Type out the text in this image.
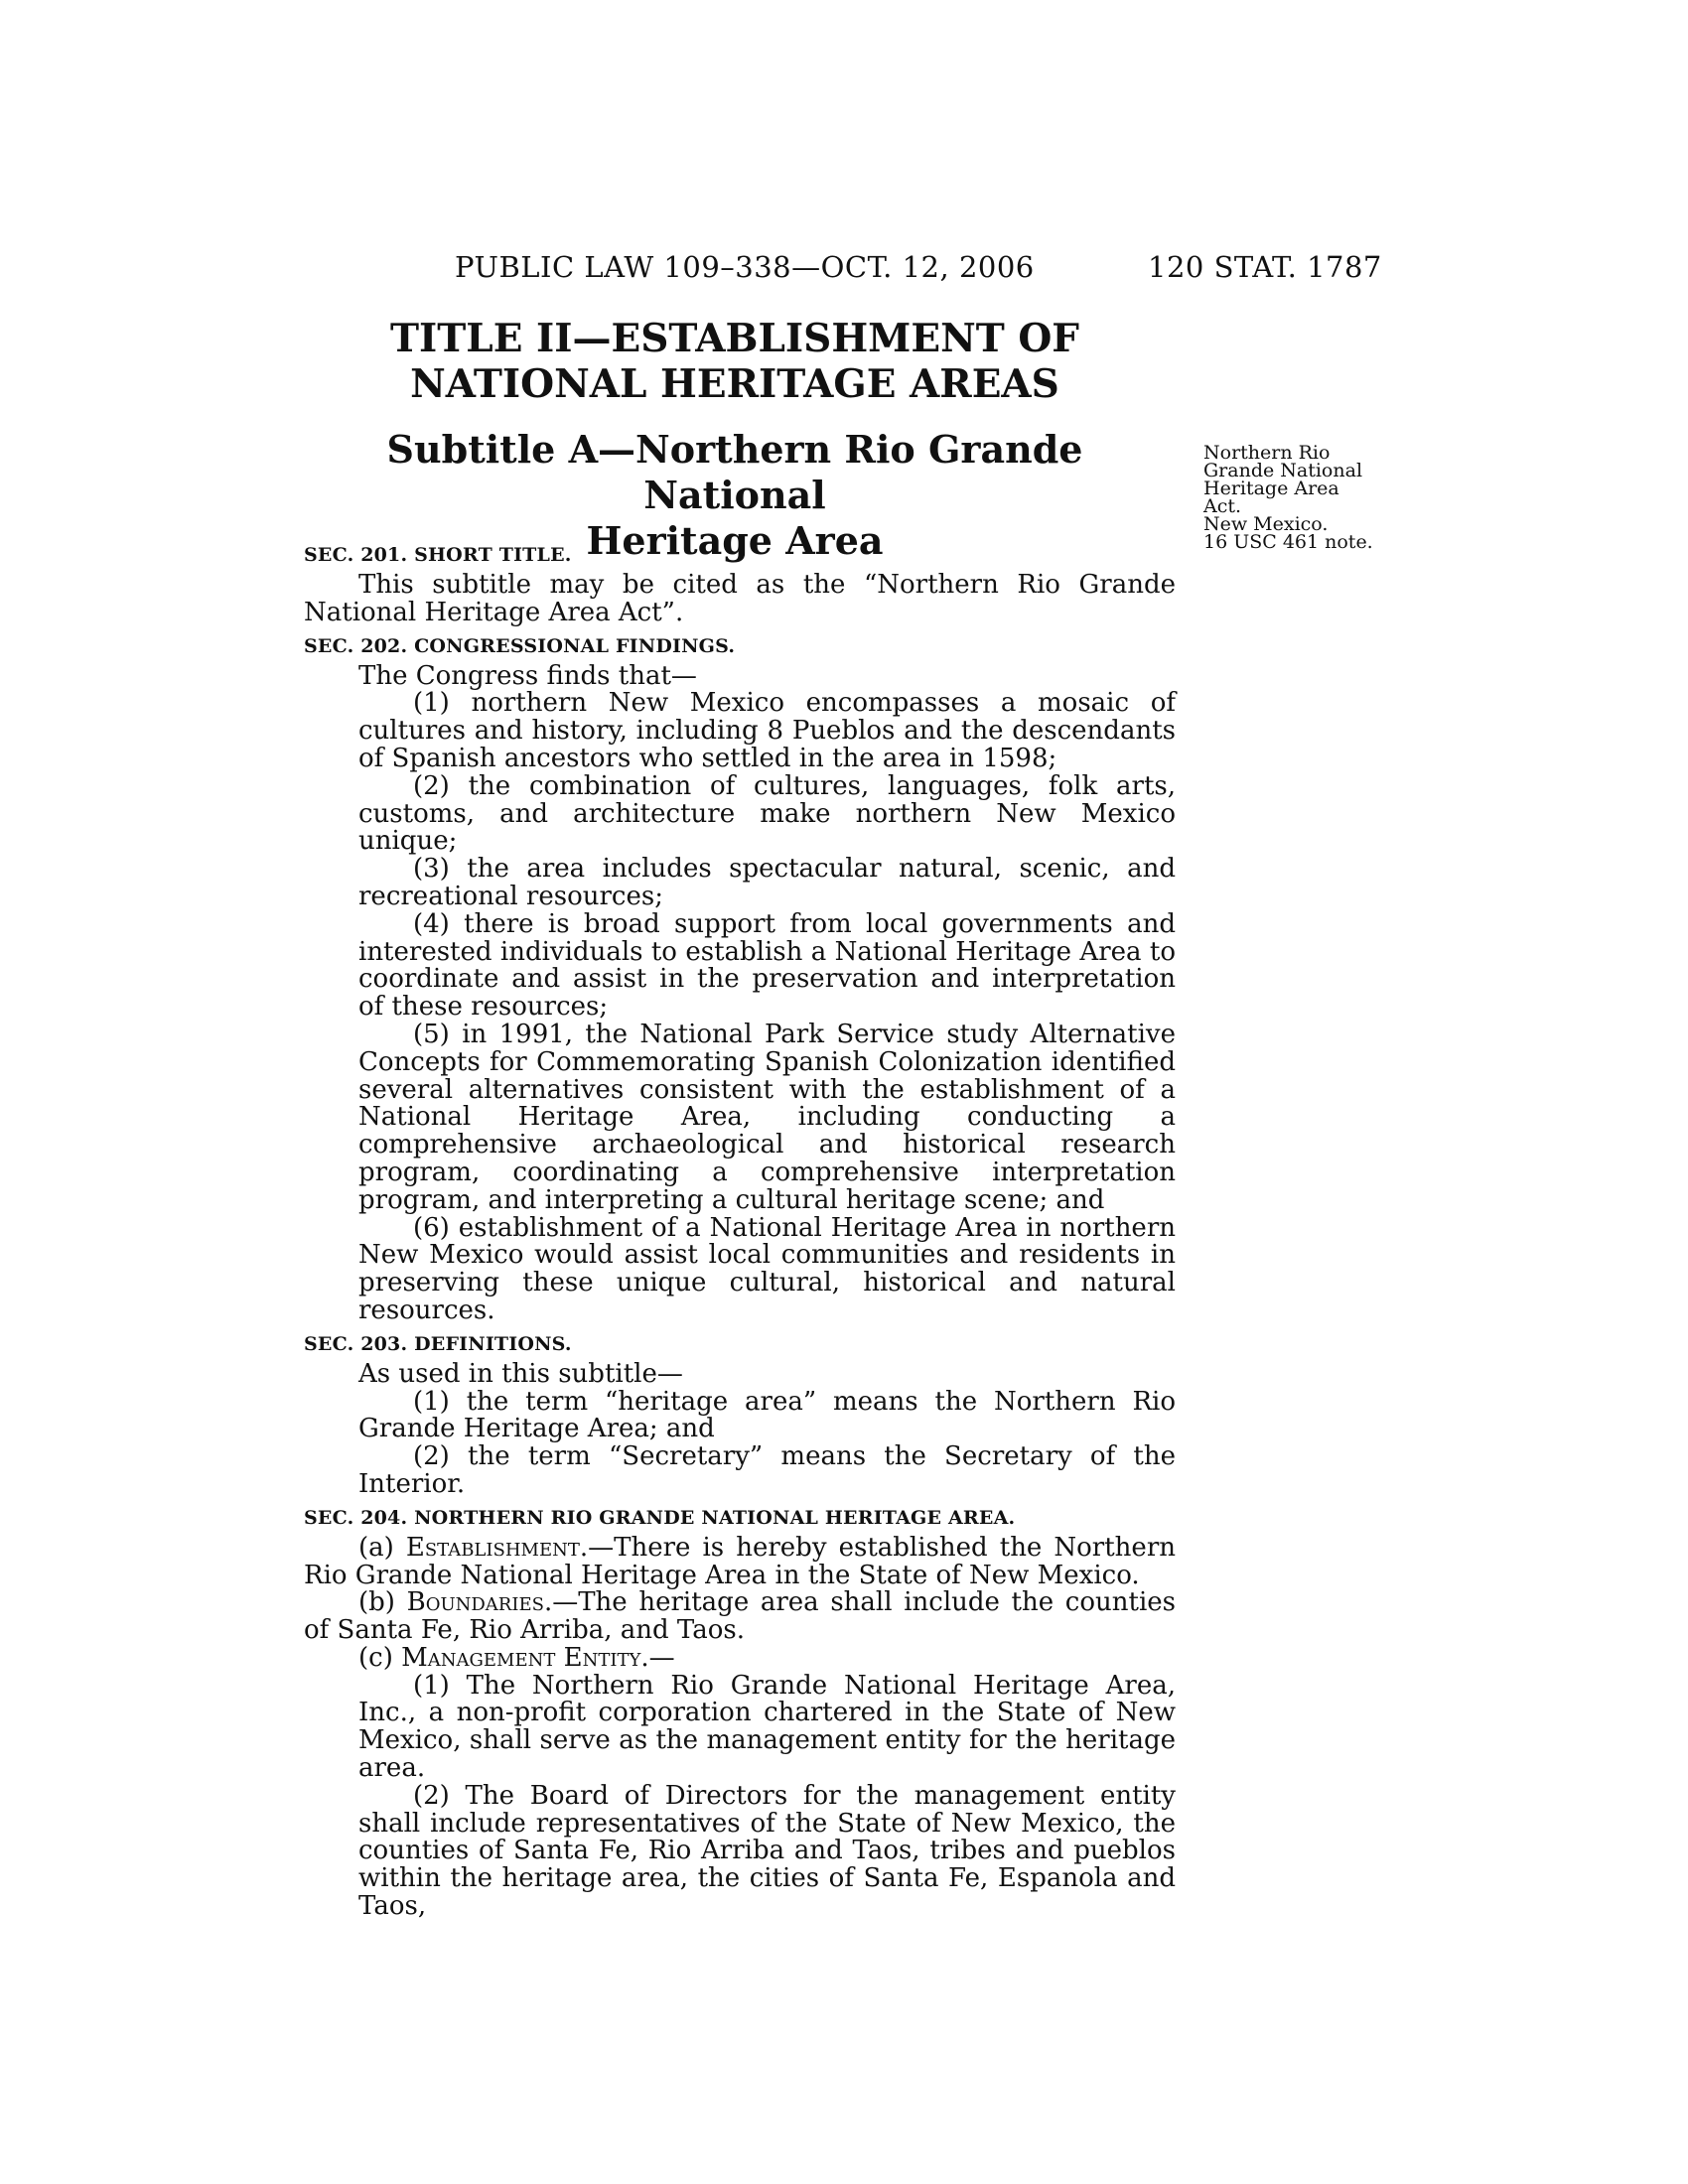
PUBLIC LAW 109–338—OCT. 12, 2006	120 STAT. 1787
TITLE II—ESTABLISHMENT OF
NATIONAL HERITAGE AREAS
Subtitle A—Northern Rio Grande National
Heritage Area
Northern Rio
Grande National
Heritage Area
Act.
New Mexico.
16 USC 461 note.
SEC. 201. SHORT TITLE.

This subtitle may be cited as the “Northern Rio Grande National Heritage Area Act”.

SEC. 202. CONGRESSIONAL FINDINGS.

The Congress finds that—

(1) northern New Mexico encompasses a mosaic of cultures and history, including 8 Pueblos and the descendants of Spanish ancestors who settled in the area in 1598;

(2) the combination of cultures, languages, folk arts, customs, and architecture make northern New Mexico unique;

(3) the area includes spectacular natural, scenic, and recreational resources;

(4) there is broad support from local governments and interested individuals to establish a National Heritage Area to coordinate and assist in the preservation and interpretation of these resources;

(5) in 1991, the National Park Service study Alternative Concepts for Commemorating Spanish Colonization identified several alternatives consistent with the establishment of a National Heritage Area, including conducting a comprehensive archaeological and historical research program, coordinating a comprehensive interpretation program, and interpreting a cultural heritage scene; and

(6) establishment of a National Heritage Area in northern New Mexico would assist local communities and residents in preserving these unique cultural, historical and natural resources.

SEC. 203. DEFINITIONS.

As used in this subtitle—

(1) the term “heritage area” means the Northern Rio Grande Heritage Area; and

(2) the term “Secretary” means the Secretary of the Interior.

SEC. 204. NORTHERN RIO GRANDE NATIONAL HERITAGE AREA.

(a) Establishment.—There is hereby established the Northern Rio Grande National Heritage Area in the State of New Mexico.

(b) Boundaries.—The heritage area shall include the counties of Santa Fe, Rio Arriba, and Taos.

(c) Management Entity.—

(1) The Northern Rio Grande National Heritage Area, Inc., a non-profit corporation chartered in the State of New Mexico, shall serve as the management entity for the heritage area.

(2) The Board of Directors for the management entity shall include representatives of the State of New Mexico, the counties of Santa Fe, Rio Arriba and Taos, tribes and pueblos within the heritage area, the cities of Santa Fe, Espanola and Taos,
